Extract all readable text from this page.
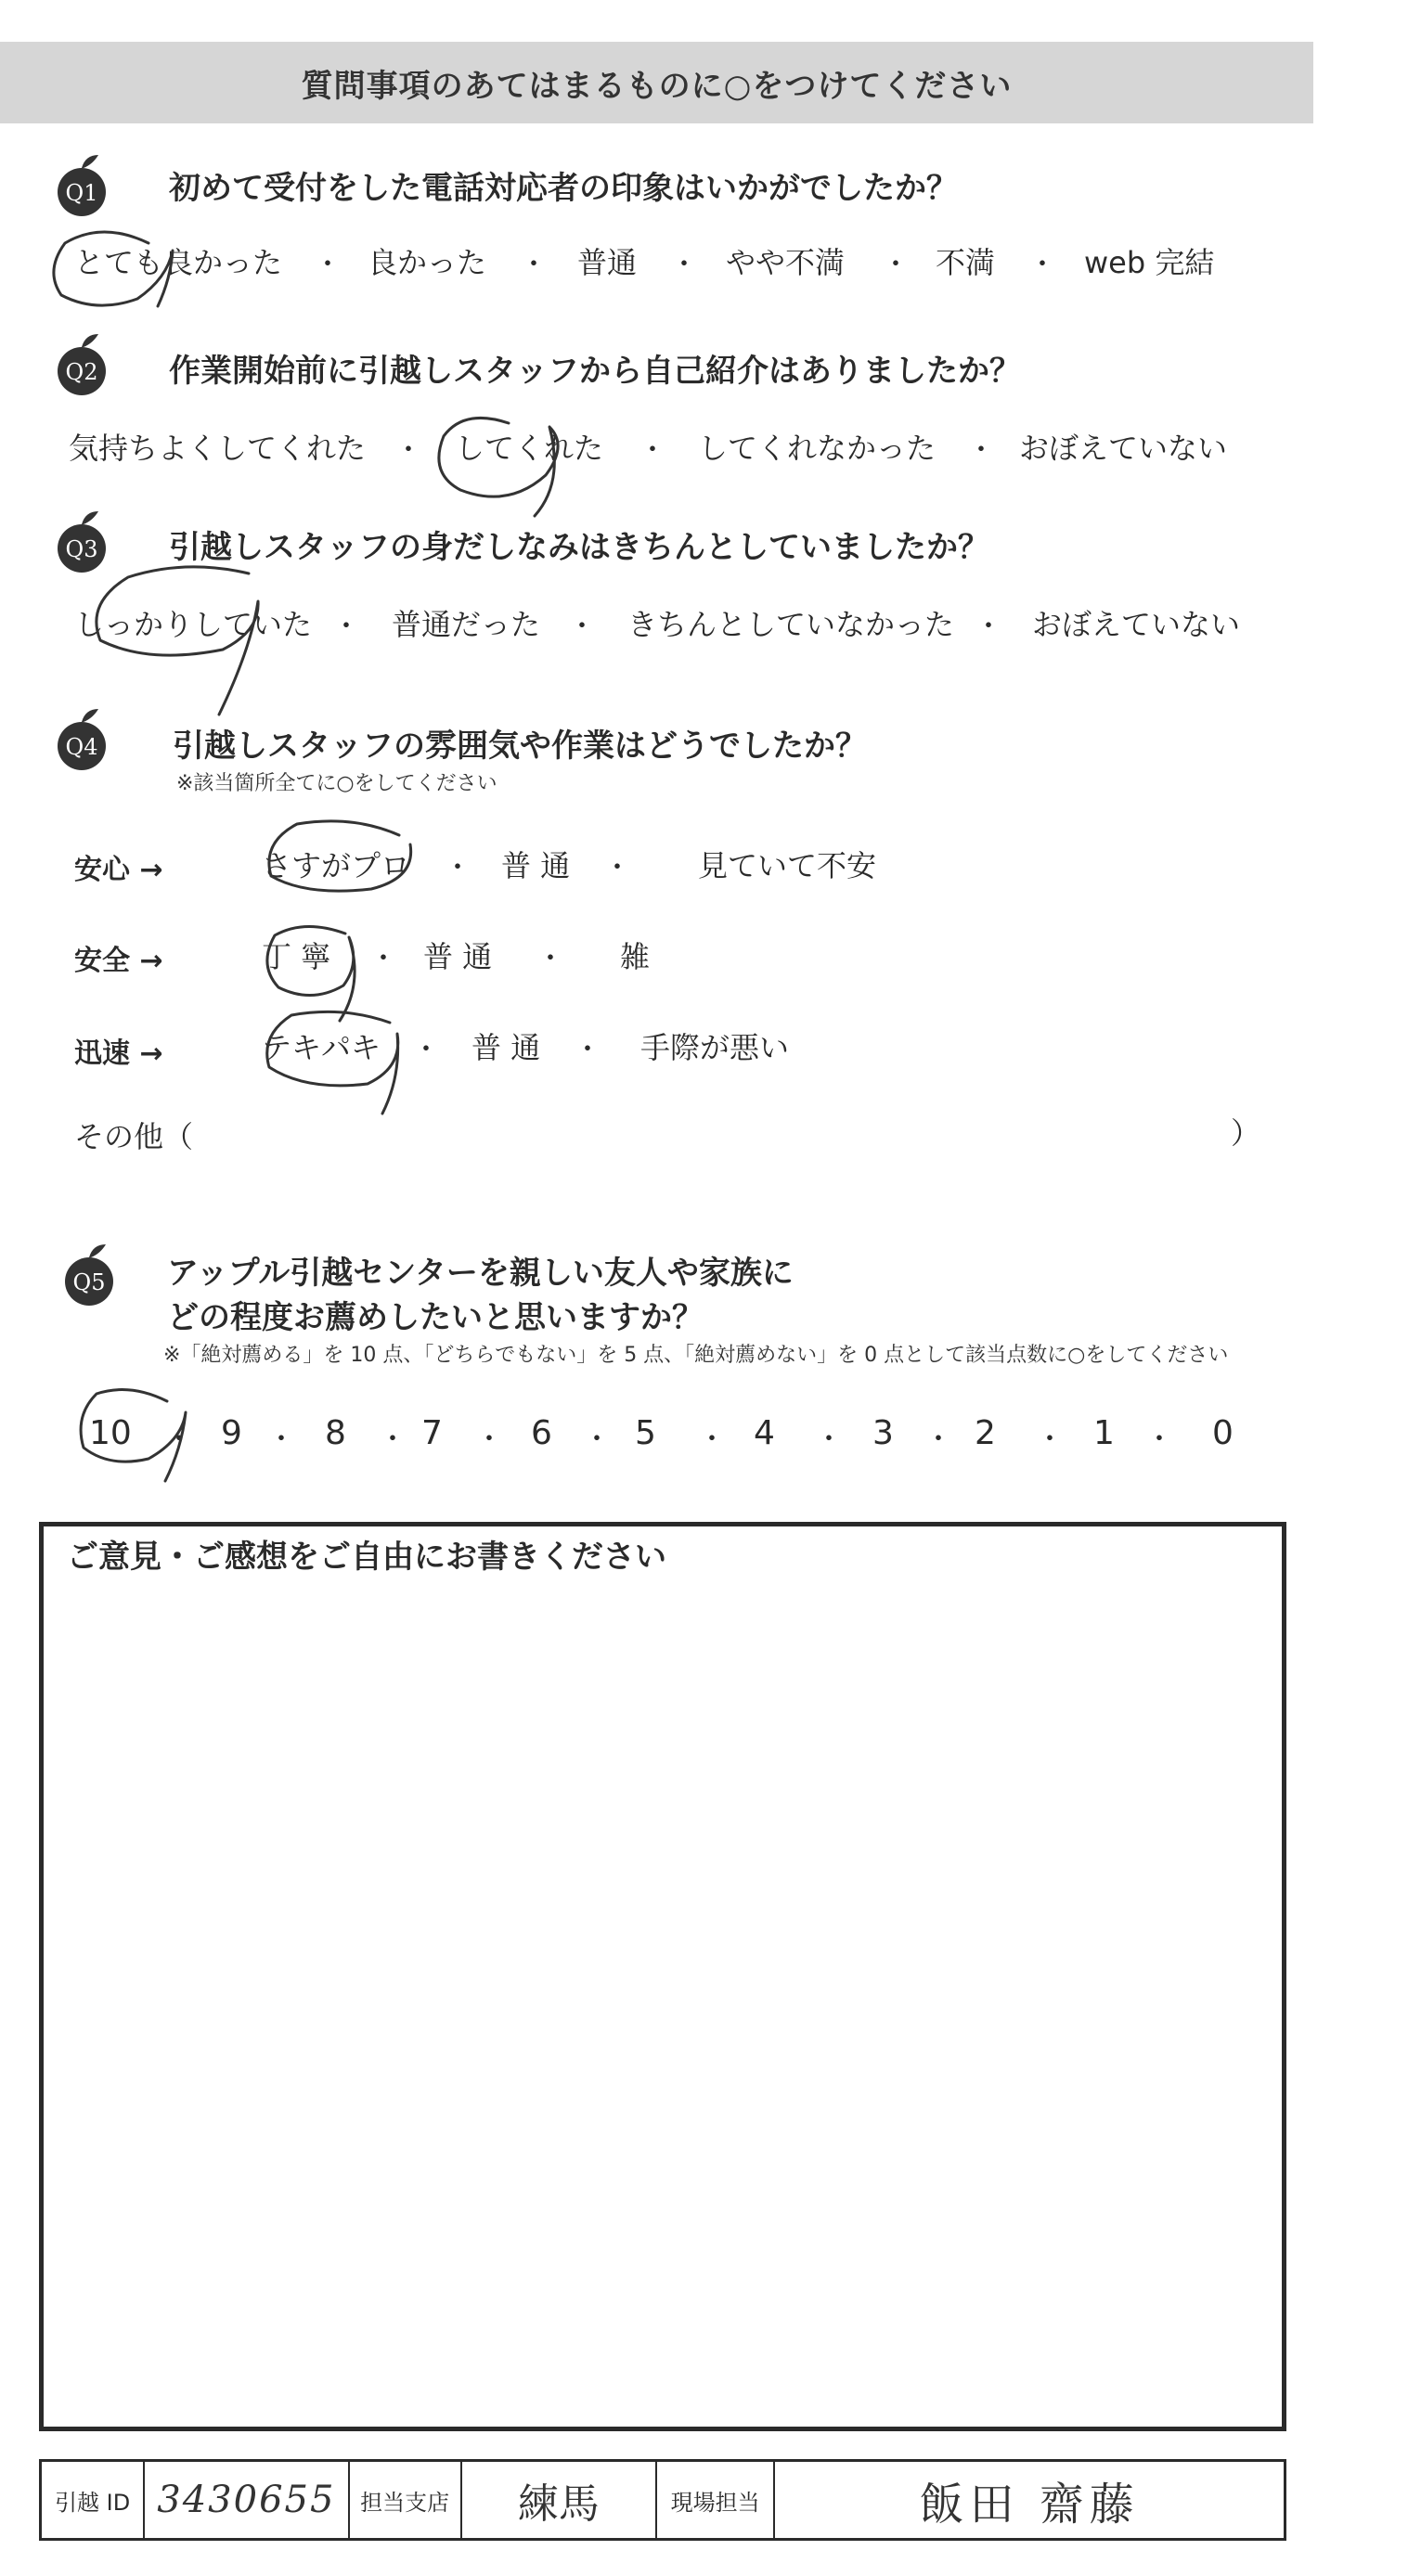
質問事項のあてはまるものに○をつけてください
Q1 初めて受付をした電話対応者の印象はいかがでしたか？
とても良かった ・ 良かった ・ 普通 ・ やや不満 ・ 不満 ・ web 完結
Q2 作業開始前に引越しスタッフから自己紹介はありましたか？
気持ちよくしてくれた ・ してくれた ・ してくれなかった ・ おぼえていない
Q3 引越しスタッフの身だしなみはきちんとしていましたか？
しっかりしていた ・ 普通だった ・ きちんとしていなかった ・ おぼえていない
Q4 引越しスタッフの雰囲気や作業はどうでしたか？
※該当箇所全てに○をしてください
安心 →	さすがプロ ・ 普 通 ・ 見ていて不安
安全 →	丁 寧 ・ 普 通 ・ 雑
迅速 →	テキパキ ・ 普 通 ・ 手際が悪い
その他（	）
Q5 アップル引越センターを親しい友人や家族に
どの程度お薦めしたいと思いますか？
※「絶対薦める」を 10 点、「どちらでもない」を 5 点、「絶対薦めない」を 0 点として該当点数に○をしてください
10 ・ 9 ・ 8 ・ 7 ・ 6 ・ 5 ・ 4 ・ 3 ・ 2 ・ 1 ・ 0
ご意見・ご感想をご自由にお書きください
引越 ID 3430655	担当支店	練馬	現場担当	飯田 齋藤
